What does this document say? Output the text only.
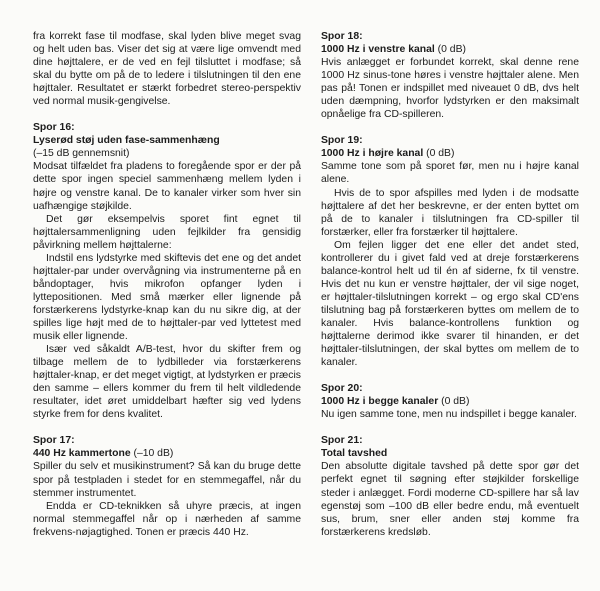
fra korrekt fase til modfase, skal lyden blive meget svag og helt uden bas. Viser det sig at være lige omvendt med dine højttalere, er de ved en fejl tilsluttet i modfase; så skal du bytte om på de to ledere i tilslutningen til den ene højttaler. Resultatet er stærkt forbedret stereo-perspektiv ved normal musik-gengivelse.

Spor 16:
Lyserød støj uden fase-sammenhæng
(–15 dB gennemsnit)

Modsat tilfældet fra pladens to foregående spor er der på dette spor ingen speciel sammenhæng mellem lyden i højre og venstre kanal. De to kanaler virker som hver sin uafhængige støjkilde.

Det gør eksempelvis sporet fint egnet til højttalersammenligning uden fejlkilder fra gensidig påvirkning mellem højttalerne:

Indstil ens lydstyrke med skiftevis det ene og det andet højttaler-par under overvågning via instrumenterne på en båndoptager, hvis mikrofon opfanger lyden i lyttepositionen. Med små mærker eller lignende på forstærkerens lydstyrke-knap kan du nu sikre dig, at der spilles lige højt med de to højttaler-par ved lyttetest med musik eller lignende.

Især ved såkaldt A/B-test, hvor du skifter frem og tilbage mellem de to lydbilleder via forstærkerens højttaler-knap, er det meget vigtigt, at lydstyrken er præcis den samme – ellers kommer du frem til helt vildledende resultater, idet øret umiddelbart hæfter sig ved lydens styrke frem for dens kvalitet.

Spor 17:
440 Hz kammertone (–10 dB)

Spiller du selv et musikinstrument? Så kan du bruge dette spor på testpladen i stedet for en stemmegaffel, når du stemmer instrumentet.

Endda er CD-teknikken så uhyre præcis, at ingen normal stemmegaffel når op i nærheden af samme frekvens-nøjagtighed. Tonen er præcis 440 Hz.

Spor 18:
1000 Hz i venstre kanal (0 dB)

Hvis anlægget er forbundet korrekt, skal denne rene 1000 Hz sinus-tone høres i venstre højttaler alene. Men pas på! Tonen er indspillet med niveauet 0 dB, dvs helt uden dæmpning, hvorfor lydstyrken er den maksimalt opnåelige fra CD-spilleren.

Spor 19:
1000 Hz i højre kanal (0 dB)

Samme tone som på sporet før, men nu i højre kanal alene.

Hvis de to spor afspilles med lyden i de modsatte højttalere af det her beskrevne, er der enten byttet om på de to kanaler i tilslutningen fra CD-spiller til forstærker, eller fra forstærker til højttalere.

Om fejlen ligger det ene eller det andet sted, kontrollerer du i givet fald ved at dreje forstærkerens balance-kontrol helt ud til én af siderne, fx til venstre. Hvis det nu kun er venstre højttaler, der vil sige noget, er højttaler-tilslutningen korrekt – og ergo skal CD'ens tilslutning bag på forstærkeren byttes om mellem de to kanaler. Hvis balance-kontrollens funktion og højttalerne derimod ikke svarer til hinanden, er det højttaler-tilslutningen, der skal byttes om mellem de to kanaler.

Spor 20:
1000 Hz i begge kanaler (0 dB)

Nu igen samme tone, men nu indspillet i begge kanaler.

Spor 21:
Total tavshed

Den absolutte digitale tavshed på dette spor gør det perfekt egnet til søgning efter støjkilder forskellige steder i anlægget. Fordi moderne CD-spillere har så lav egenstøj som –100 dB eller bedre endu, må eventuelt sus, brum, sner eller anden støj komme fra forstærkerens kredsløb.
